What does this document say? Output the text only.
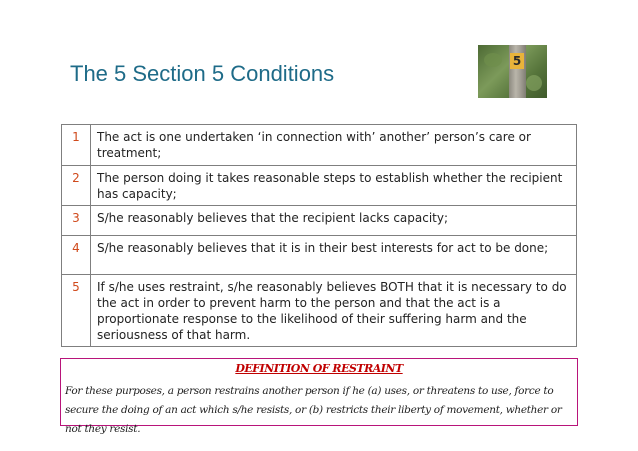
The 5 Section 5 Conditions	5
1	The act is one undertaken ‘in connection with’ another’ person’s care or treatment;
2	The person doing it takes reasonable steps to establish whether the recipient has capacity;
3	S/he reasonably believes that the recipient lacks capacity;
4	S/he reasonably believes that it is in their best interests for act to be done;
5	If s/he uses restraint, s/he reasonably believes BOTH that it is necessary to do the act in order to prevent harm to the person and that the act is a proportionate response to the likelihood of their suffering harm and the seriousness of that harm.
DEFINITION OF RESTRAINT
For these purposes, a person restrains another person if he (a) uses, or threatens to use, force to secure the doing of an act which s/he resists, or (b) restricts their liberty of movement, whether or not they resist.
